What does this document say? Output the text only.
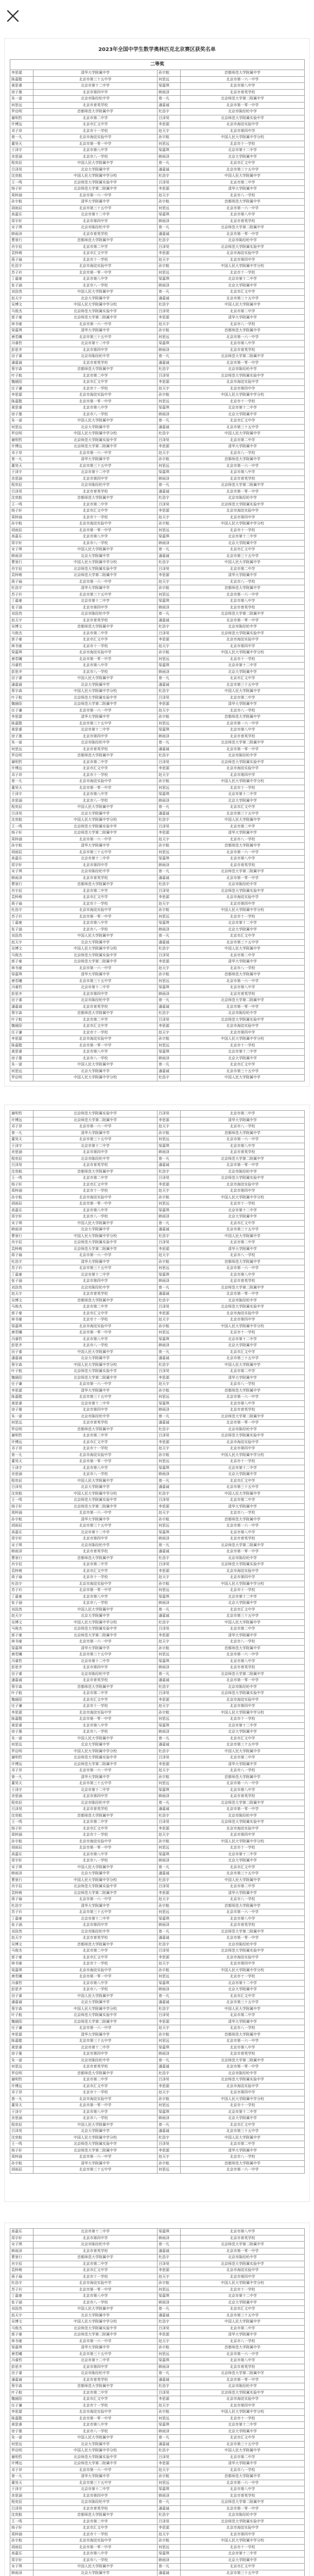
2023年全国中学生数学奥林匹克北京赛区获奖名单
二等奖			
李思源	清华大学附属中学	孙宇航	首都师范大学附属中学
陈嘉懿	北京市第三十五中学	何思远	北京市第一六一中学
黄思睿	北京市第十二中学	梁嘉琪	北京市第八中学
徐子墨	北京市第四中学	韩雨泽	北京市育英学校
朱一诺	北京市陈经纶中学	曾一凡	北京师范大学第二附属中学
何思远	北京市育英学校	潘嘉诚	北京市第一零一中学
罗启明	首都师范大学附属中学	杜浩宇	北京市陈经纶中学
谢明哲	北京市第二中学	吕泽昊	北京师范大学附属实验中学
许博远	北京市汇文中学	李思源	北京市海淀实验中学
邓子昂	北京市十一学校	赵天宇	北京市第四中学
曾一凡	北京市海淀实验中学	孙宇航	中国人民大学附属中学分校
董昊天	北京市第一零一中学	何思远	北京市十一学校
于泽宇	北京市第八中学	梁嘉琪	北京市第十二中学
余思涵	北京市八一学校	韩雨泽	北京大学附属中学
程奕辰	中国人民大学附属中学	曾一凡	北京市汇文中学
吕泽昊	北京大学附属中学	潘嘉诚	北京市第三十五中学
沈奕航	中国人民大学附属中学分校	杜浩宇	中国人民大学附属中学
王一鸣	北京师范大学附属实验中学	吕泽昊	北京市第二中学
杨子轩	北京师范大学第二附属中学	李思源	清华大学附属中学
周梓涵	北京市第一六一中学	赵天宇	北京市八一学校
孙宇航	清华大学附属中学	孙宇航	首都师范大学附属中学
胡雨辰	北京市第三十五中学	何思远	北京市第一六一中学
高嘉乐	北京市第十二中学	梁嘉琪	北京市第八中学
郑宇轩	北京市第四中学	韩雨泽	北京市育英学校
宋子琪	北京市陈经纶中学	曾一凡	北京师范大学第二附属中学
韩雨泽	北京市育英学校	潘嘉诚	北京市第一零一中学
曹景行	首都师范大学附属中学	杜浩宇	北京市陈经纶中学
肖宇辰	北京市第二中学	吕泽昊	北京师范大学附属实验中学
袁梓萌	北京市汇文中学	李思源	北京市海淀实验中学
蒋子瑜	北京市十一学校	赵天宇	北京市第四中学
杜浩宇	北京市海淀实验中学	孙宇航	中国人民大学附属中学分校
苏子衿	北京市第一零一中学	何思远	北京市十一学校
丁嘉豪	北京市第八中学	梁嘉琪	北京市第十二中学
张子涵	北京市八一学校	韩雨泽	北京大学附属中学
刘浩然	中国人民大学附属中学	曾一凡	北京市汇文中学
赵天宇	北京大学附属中学	潘嘉诚	北京市第三十五中学
吴博文	中国人民大学附属中学分校	杜浩宇	中国人民大学附属中学
马俊杰	北京师范大学附属实验中学	吕泽昊	北京市第二中学
郭子豪	北京师范大学第二附属中学	李思源	清华大学附属中学
林书豪	北京市第一六一中学	赵天宇	北京市八一学校
梁嘉琪	清华大学附属中学	孙宇航	首都师范大学附属中学
唐若曦	北京市第三十五中学	何思远	北京市第一六一中学
冯睿哲	北京市第十二中学	梁嘉琪	北京市第八中学
彭思齐	北京市第四中学	韩雨泽	北京市育英学校
田子睿	北京市陈经纶中学	曾一凡	北京师范大学第二附属中学
潘嘉诚	北京市育英学校	潘嘉诚	北京市第一零一中学
蔡宇森	首都师范大学附属中学	杜浩宇	北京市陈经纶中学
叶子航	北京市第二中学	吕泽昊	北京师范大学附属实验中学
魏晨阳	北京市汇文中学	李思源	北京市海淀实验中学
任子谦	北京市十一学校	赵天宇	北京市第四中学
李思源	北京市海淀实验中学	孙宇航	中国人民大学附属中学分校
陈嘉懿	北京市第一零一中学	何思远	北京市十一学校
黄思睿	北京市第八中学	梁嘉琪	北京市第十二中学
徐子墨	北京市八一学校	韩雨泽	北京大学附属中学
朱一诺	中国人民大学附属中学	曾一凡	北京市汇文中学
何思远	北京大学附属中学	潘嘉诚	北京市第三十五中学
罗启明	中国人民大学附属中学分校	杜浩宇	中国人民大学附属中学
谢明哲	北京师范大学附属实验中学	吕泽昊	北京市第二中学
许博远	北京师范大学第二附属中学	李思源	清华大学附属中学
邓子昂	北京市第一六一中学	赵天宇	北京市八一学校
曾一凡	清华大学附属中学	孙宇航	首都师范大学附属中学
董昊天	北京市第三十五中学	何思远	北京市第一六一中学
于泽宇	北京市第十二中学	梁嘉琪	北京市第八中学
余思涵	北京市第四中学	韩雨泽	北京市育英学校
程奕辰	北京市陈经纶中学	曾一凡	北京师范大学第二附属中学
吕泽昊	北京市育英学校	潘嘉诚	北京市第一零一中学
沈奕航	首都师范大学附属中学	杜浩宇	北京市陈经纶中学
王一鸣	北京市第二中学	吕泽昊	北京师范大学附属实验中学
杨子轩	北京市汇文中学	李思源	北京市海淀实验中学
周梓涵	北京市十一学校	赵天宇	北京市第四中学
孙宇航	北京市海淀实验中学	孙宇航	中国人民大学附属中学分校
胡雨辰	北京市第一零一中学	何思远	北京市十一学校
高嘉乐	北京市第八中学	梁嘉琪	北京市第十二中学
郑宇轩	北京市八一学校	韩雨泽	北京大学附属中学
宋子琪	中国人民大学附属中学	曾一凡	北京市汇文中学
韩雨泽	北京大学附属中学	潘嘉诚	北京市第三十五中学
曹景行	中国人民大学附属中学分校	杜浩宇	中国人民大学附属中学
肖宇辰	北京师范大学附属实验中学	吕泽昊	北京市第二中学
袁梓萌	北京师范大学第二附属中学	李思源	清华大学附属中学
蒋子瑜	北京市第一六一中学	赵天宇	北京市八一学校
杜浩宇	清华大学附属中学	孙宇航	首都师范大学附属中学
苏子衿	北京市第三十五中学	何思远	北京市第一六一中学
丁嘉豪	北京市第十二中学	梁嘉琪	北京市第八中学
张子涵	北京市第四中学	韩雨泽	北京市育英学校
刘浩然	北京市陈经纶中学	曾一凡	北京师范大学第二附属中学
赵天宇	北京市育英学校	潘嘉诚	北京市第一零一中学
吴博文	首都师范大学附属中学	杜浩宇	北京市陈经纶中学
马俊杰	北京市第二中学	吕泽昊	北京师范大学附属实验中学
郭子豪	北京市汇文中学	李思源	北京市海淀实验中学
林书豪	北京市十一学校	赵天宇	北京市第四中学
梁嘉琪	北京市海淀实验中学	孙宇航	中国人民大学附属中学分校
唐若曦	北京市第一零一中学	何思远	北京市十一学校
冯睿哲	北京市第八中学	梁嘉琪	北京市第十二中学
彭思齐	北京市八一学校	韩雨泽	北京大学附属中学
田子睿	中国人民大学附属中学	曾一凡	北京市汇文中学
潘嘉诚	北京大学附属中学	潘嘉诚	北京市第三十五中学
蔡宇森	中国人民大学附属中学分校	杜浩宇	中国人民大学附属中学
叶子航	北京师范大学附属实验中学	吕泽昊	北京市第二中学
魏晨阳	北京师范大学第二附属中学	李思源	清华大学附属中学
任子谦	北京市第一六一中学	赵天宇	北京市八一学校
李思源	清华大学附属中学	孙宇航	首都师范大学附属中学
陈嘉懿	北京市第三十五中学	何思远	北京市第一六一中学
黄思睿	北京市第十二中学	梁嘉琪	北京市第八中学
徐子墨	北京市第四中学	韩雨泽	北京市育英学校
朱一诺	北京市陈经纶中学	曾一凡	北京师范大学第二附属中学
何思远	北京市育英学校	潘嘉诚	北京市第一零一中学
罗启明	首都师范大学附属中学	杜浩宇	北京市陈经纶中学
谢明哲	北京市第二中学	吕泽昊	北京师范大学附属实验中学
许博远	北京市汇文中学	李思源	北京市海淀实验中学
邓子昂	北京市十一学校	赵天宇	北京市第四中学
曾一凡	北京市海淀实验中学	孙宇航	中国人民大学附属中学分校
董昊天	北京市第一零一中学	何思远	北京市十一学校
于泽宇	北京市第八中学	梁嘉琪	北京市第十二中学
余思涵	北京市八一学校	韩雨泽	北京大学附属中学
程奕辰	中国人民大学附属中学	曾一凡	北京市汇文中学
吕泽昊	北京大学附属中学	潘嘉诚	北京市第三十五中学
沈奕航	中国人民大学附属中学分校	杜浩宇	中国人民大学附属中学
王一鸣	北京师范大学附属实验中学	吕泽昊	北京市第二中学
杨子轩	北京师范大学第二附属中学	李思源	清华大学附属中学
周梓涵	北京市第一六一中学	赵天宇	北京市八一学校
孙宇航	清华大学附属中学	孙宇航	首都师范大学附属中学
胡雨辰	北京市第三十五中学	何思远	北京市第一六一中学
高嘉乐	北京市第十二中学	梁嘉琪	北京市第八中学
郑宇轩	北京市第四中学	韩雨泽	北京市育英学校
宋子琪	北京市陈经纶中学	曾一凡	北京师范大学第二附属中学
韩雨泽	北京市育英学校	潘嘉诚	北京市第一零一中学
曹景行	首都师范大学附属中学	杜浩宇	北京市陈经纶中学
肖宇辰	北京市第二中学	吕泽昊	北京师范大学附属实验中学
袁梓萌	北京市汇文中学	李思源	北京市海淀实验中学
蒋子瑜	北京市十一学校	赵天宇	北京市第四中学
杜浩宇	北京市海淀实验中学	孙宇航	中国人民大学附属中学分校
苏子衿	北京市第一零一中学	何思远	北京市十一学校
丁嘉豪	北京市第八中学	梁嘉琪	北京市第十二中学
张子涵	北京市八一学校	韩雨泽	北京大学附属中学
刘浩然	中国人民大学附属中学	曾一凡	北京市汇文中学
赵天宇	北京大学附属中学	潘嘉诚	北京市第三十五中学
吴博文	中国人民大学附属中学分校	杜浩宇	中国人民大学附属中学
马俊杰	北京师范大学附属实验中学	吕泽昊	北京市第二中学
郭子豪	北京师范大学第二附属中学	李思源	清华大学附属中学
林书豪	北京市第一六一中学	赵天宇	北京市八一学校
梁嘉琪	清华大学附属中学	孙宇航	首都师范大学附属中学
唐若曦	北京市第三十五中学	何思远	北京市第一六一中学
冯睿哲	北京市第十二中学	梁嘉琪	北京市第八中学
彭思齐	北京市第四中学	韩雨泽	北京市育英学校
田子睿	北京市陈经纶中学	曾一凡	北京师范大学第二附属中学
潘嘉诚	北京市育英学校	潘嘉诚	北京市第一零一中学
蔡宇森	首都师范大学附属中学	杜浩宇	北京市陈经纶中学
叶子航	北京市第二中学	吕泽昊	北京师范大学附属实验中学
魏晨阳	北京市汇文中学	李思源	北京市海淀实验中学
任子谦	北京市十一学校	赵天宇	北京市第四中学
李思源	北京市海淀实验中学	孙宇航	中国人民大学附属中学分校
陈嘉懿	北京市第一零一中学	何思远	北京市十一学校
黄思睿	北京市第八中学	梁嘉琪	北京市第十二中学
徐子墨	北京市八一学校	韩雨泽	北京大学附属中学
朱一诺	中国人民大学附属中学	曾一凡	北京市汇文中学
何思远	北京大学附属中学	潘嘉诚	北京市第三十五中学
罗启明	中国人民大学附属中学分校	杜浩宇	中国人民大学附属中学
谢明哲	北京师范大学附属实验中学	吕泽昊	北京市第二中学
许博远	北京师范大学第二附属中学	李思源	清华大学附属中学
邓子昂	北京市第一六一中学	赵天宇	北京市八一学校
曾一凡	清华大学附属中学	孙宇航	首都师范大学附属中学
董昊天	北京市第三十五中学	何思远	北京市第一六一中学
于泽宇	北京市第十二中学	梁嘉琪	北京市第八中学
余思涵	北京市第四中学	韩雨泽	北京市育英学校
程奕辰	北京市陈经纶中学	曾一凡	北京师范大学第二附属中学
吕泽昊	北京市育英学校	潘嘉诚	北京市第一零一中学
沈奕航	首都师范大学附属中学	杜浩宇	北京市陈经纶中学
王一鸣	北京市第二中学	吕泽昊	北京师范大学附属实验中学
杨子轩	北京市汇文中学	李思源	北京市海淀实验中学
周梓涵	北京市十一学校	赵天宇	北京市第四中学
孙宇航	北京市海淀实验中学	孙宇航	中国人民大学附属中学分校
胡雨辰	北京市第一零一中学	何思远	北京市十一学校
高嘉乐	北京市第八中学	梁嘉琪	北京市第十二中学
郑宇轩	北京市八一学校	韩雨泽	北京大学附属中学
宋子琪	中国人民大学附属中学	曾一凡	北京市汇文中学
韩雨泽	北京大学附属中学	潘嘉诚	北京市第三十五中学
曹景行	中国人民大学附属中学分校	杜浩宇	中国人民大学附属中学
肖宇辰	北京师范大学附属实验中学	吕泽昊	北京市第二中学
袁梓萌	北京师范大学第二附属中学	李思源	清华大学附属中学
蒋子瑜	北京市第一六一中学	赵天宇	北京市八一学校
杜浩宇	清华大学附属中学	孙宇航	首都师范大学附属中学
苏子衿	北京市第三十五中学	何思远	北京市第一六一中学
丁嘉豪	北京市第十二中学	梁嘉琪	北京市第八中学
张子涵	北京市第四中学	韩雨泽	北京市育英学校
刘浩然	北京市陈经纶中学	曾一凡	北京师范大学第二附属中学
赵天宇	北京市育英学校	潘嘉诚	北京市第一零一中学
吴博文	首都师范大学附属中学	杜浩宇	北京市陈经纶中学
马俊杰	北京市第二中学	吕泽昊	北京师范大学附属实验中学
郭子豪	北京市汇文中学	李思源	北京市海淀实验中学
林书豪	北京市十一学校	赵天宇	北京市第四中学
梁嘉琪	北京市海淀实验中学	孙宇航	中国人民大学附属中学分校
唐若曦	北京市第一零一中学	何思远	北京市十一学校
冯睿哲	北京市第八中学	梁嘉琪	北京市第十二中学
彭思齐	北京市八一学校	韩雨泽	北京大学附属中学
田子睿	中国人民大学附属中学	曾一凡	北京市汇文中学
潘嘉诚	北京大学附属中学	潘嘉诚	北京市第三十五中学
蔡宇森	中国人民大学附属中学分校	杜浩宇	中国人民大学附属中学
叶子航	北京师范大学附属实验中学	吕泽昊	北京市第二中学
魏晨阳	北京师范大学第二附属中学	李思源	清华大学附属中学
任子谦	北京市第一六一中学	赵天宇	北京市八一学校
李思源	清华大学附属中学	孙宇航	首都师范大学附属中学
陈嘉懿	北京市第三十五中学	何思远	北京市第一六一中学
黄思睿	北京市第十二中学	梁嘉琪	北京市第八中学
徐子墨	北京市第四中学	韩雨泽	北京市育英学校
朱一诺	北京市陈经纶中学	曾一凡	北京师范大学第二附属中学
何思远	北京市育英学校	潘嘉诚	北京市第一零一中学
罗启明	首都师范大学附属中学	杜浩宇	北京市陈经纶中学
谢明哲	北京市第二中学	吕泽昊	北京师范大学附属实验中学
许博远	北京市汇文中学	李思源	北京市海淀实验中学
邓子昂	北京市十一学校	赵天宇	北京市第四中学
曾一凡	北京市海淀实验中学	孙宇航	中国人民大学附属中学分校
董昊天	北京市第一零一中学	何思远	北京市十一学校
于泽宇	北京市第八中学	梁嘉琪	北京市第十二中学
余思涵	北京市八一学校	韩雨泽	北京大学附属中学
程奕辰	中国人民大学附属中学	曾一凡	北京市汇文中学
吕泽昊	北京大学附属中学	潘嘉诚	北京市第三十五中学
沈奕航	中国人民大学附属中学分校	杜浩宇	中国人民大学附属中学
王一鸣	北京师范大学附属实验中学	吕泽昊	北京市第二中学
杨子轩	北京师范大学第二附属中学	李思源	清华大学附属中学
周梓涵	北京市第一六一中学	赵天宇	北京市八一学校
孙宇航	清华大学附属中学	孙宇航	首都师范大学附属中学
胡雨辰	北京市第三十五中学	何思远	北京市第一六一中学
高嘉乐	北京市第十二中学	梁嘉琪	北京市第八中学
郑宇轩	北京市第四中学	韩雨泽	北京市育英学校
宋子琪	北京市陈经纶中学	曾一凡	北京师范大学第二附属中学
韩雨泽	北京市育英学校	潘嘉诚	北京市第一零一中学
曹景行	首都师范大学附属中学	杜浩宇	北京市陈经纶中学
肖宇辰	北京市第二中学	吕泽昊	北京师范大学附属实验中学
袁梓萌	北京市汇文中学	李思源	北京市海淀实验中学
蒋子瑜	北京市十一学校	赵天宇	北京市第四中学
杜浩宇	北京市海淀实验中学	孙宇航	中国人民大学附属中学分校
苏子衿	北京市第一零一中学	何思远	北京市十一学校
丁嘉豪	北京市第八中学	梁嘉琪	北京市第十二中学
张子涵	北京市八一学校	韩雨泽	北京大学附属中学
刘浩然	中国人民大学附属中学	曾一凡	北京市汇文中学
赵天宇	北京大学附属中学	潘嘉诚	北京市第三十五中学
吴博文	中国人民大学附属中学分校	杜浩宇	中国人民大学附属中学
马俊杰	北京师范大学附属实验中学	吕泽昊	北京市第二中学
郭子豪	北京师范大学第二附属中学	李思源	清华大学附属中学
林书豪	北京市第一六一中学	赵天宇	北京市八一学校
梁嘉琪	清华大学附属中学	孙宇航	首都师范大学附属中学
唐若曦	北京市第三十五中学	何思远	北京市第一六一中学
冯睿哲	北京市第十二中学	梁嘉琪	北京市第八中学
彭思齐	北京市第四中学	韩雨泽	北京市育英学校
田子睿	北京市陈经纶中学	曾一凡	北京师范大学第二附属中学
潘嘉诚	北京市育英学校	潘嘉诚	北京市第一零一中学
蔡宇森	首都师范大学附属中学	杜浩宇	北京市陈经纶中学
叶子航	北京市第二中学	吕泽昊	北京师范大学附属实验中学
魏晨阳	北京市汇文中学	李思源	北京市海淀实验中学
任子谦	北京市十一学校	赵天宇	北京市第四中学
李思源	北京市海淀实验中学	孙宇航	中国人民大学附属中学分校
陈嘉懿	北京市第一零一中学	何思远	北京市十一学校
黄思睿	北京市第八中学	梁嘉琪	北京市第十二中学
徐子墨	北京市八一学校	韩雨泽	北京大学附属中学
朱一诺	中国人民大学附属中学	曾一凡	北京市汇文中学
何思远	北京大学附属中学	潘嘉诚	北京市第三十五中学
罗启明	中国人民大学附属中学分校	杜浩宇	中国人民大学附属中学
谢明哲	北京师范大学附属实验中学	吕泽昊	北京市第二中学
许博远	北京师范大学第二附属中学	李思源	清华大学附属中学
邓子昂	北京市第一六一中学	赵天宇	北京市八一学校
曾一凡	清华大学附属中学	孙宇航	首都师范大学附属中学
董昊天	北京市第三十五中学	何思远	北京市第一六一中学
于泽宇	北京市第十二中学	梁嘉琪	北京市第八中学
余思涵	北京市第四中学	韩雨泽	北京市育英学校
程奕辰	北京市陈经纶中学	曾一凡	北京师范大学第二附属中学
吕泽昊	北京市育英学校	潘嘉诚	北京市第一零一中学
沈奕航	首都师范大学附属中学	杜浩宇	北京市陈经纶中学
王一鸣	北京市第二中学	吕泽昊	北京师范大学附属实验中学
杨子轩	北京市汇文中学	李思源	北京市海淀实验中学
周梓涵	北京市十一学校	赵天宇	北京市第四中学
孙宇航	北京市海淀实验中学	孙宇航	中国人民大学附属中学分校
胡雨辰	北京市第一零一中学	何思远	北京市十一学校
高嘉乐	北京市第八中学	梁嘉琪	北京市第十二中学
郑宇轩	北京市八一学校	韩雨泽	北京大学附属中学
宋子琪	中国人民大学附属中学	曾一凡	北京市汇文中学
韩雨泽	北京大学附属中学	潘嘉诚	北京市第三十五中学
曹景行	中国人民大学附属中学分校	杜浩宇	中国人民大学附属中学
肖宇辰	北京师范大学附属实验中学	吕泽昊	北京市第二中学
袁梓萌	北京师范大学第二附属中学	李思源	清华大学附属中学
蒋子瑜	北京市第一六一中学	赵天宇	北京市八一学校
杜浩宇	清华大学附属中学	孙宇航	首都师范大学附属中学
苏子衿	北京市第三十五中学	何思远	北京市第一六一中学
丁嘉豪	北京市第十二中学	梁嘉琪	北京市第八中学
张子涵	北京市第四中学	韩雨泽	北京市育英学校
刘浩然	北京市陈经纶中学	曾一凡	北京师范大学第二附属中学
赵天宇	北京市育英学校	潘嘉诚	北京市第一零一中学
吴博文	首都师范大学附属中学	杜浩宇	北京市陈经纶中学
马俊杰	北京市第二中学	吕泽昊	北京师范大学附属实验中学
郭子豪	北京市汇文中学	李思源	北京市海淀实验中学
林书豪	北京市十一学校	赵天宇	北京市第四中学
梁嘉琪	北京市海淀实验中学	孙宇航	中国人民大学附属中学分校
唐若曦	北京市第一零一中学	何思远	北京市十一学校
冯睿哲	北京市第八中学	梁嘉琪	北京市第十二中学
彭思齐	北京市八一学校	韩雨泽	北京大学附属中学
田子睿	中国人民大学附属中学	曾一凡	北京市汇文中学
潘嘉诚	北京大学附属中学	潘嘉诚	北京市第三十五中学
蔡宇森	中国人民大学附属中学分校	杜浩宇	中国人民大学附属中学
叶子航	北京师范大学附属实验中学	吕泽昊	北京市第二中学
魏晨阳	北京师范大学第二附属中学	李思源	清华大学附属中学
任子谦	北京市第一六一中学	赵天宇	北京市八一学校
李思源	清华大学附属中学	孙宇航	首都师范大学附属中学
陈嘉懿	北京市第三十五中学	何思远	北京市第一六一中学
黄思睿	北京市第十二中学	梁嘉琪	北京市第八中学
徐子墨	北京市第四中学	韩雨泽	北京市育英学校
朱一诺	北京市陈经纶中学	曾一凡	北京师范大学第二附属中学
何思远	北京市育英学校	潘嘉诚	北京市第一零一中学
罗启明	首都师范大学附属中学	杜浩宇	北京市陈经纶中学
谢明哲	北京市第二中学	吕泽昊	北京师范大学附属实验中学
许博远	北京市汇文中学	李思源	北京市海淀实验中学
邓子昂	北京市十一学校	赵天宇	北京市第四中学
曾一凡	北京市海淀实验中学	孙宇航	中国人民大学附属中学分校
董昊天	北京市第一零一中学	何思远	北京市十一学校
于泽宇	北京市第八中学	梁嘉琪	北京市第十二中学
余思涵	北京市八一学校	韩雨泽	北京大学附属中学
程奕辰	中国人民大学附属中学	曾一凡	北京市汇文中学
吕泽昊	北京大学附属中学	潘嘉诚	北京市第三十五中学
沈奕航	中国人民大学附属中学分校	杜浩宇	中国人民大学附属中学
王一鸣	北京师范大学附属实验中学	吕泽昊	北京市第二中学
杨子轩	北京师范大学第二附属中学	李思源	清华大学附属中学
周梓涵	北京市第一六一中学	赵天宇	北京市八一学校
孙宇航	清华大学附属中学	孙宇航	首都师范大学附属中学
胡雨辰	北京市第三十五中学	何思远	北京市第一六一中学
高嘉乐	北京市第十二中学	梁嘉琪	北京市第八中学
郑宇轩	北京市第四中学	韩雨泽	北京市育英学校
宋子琪	北京市陈经纶中学	曾一凡	北京师范大学第二附属中学
韩雨泽	北京市育英学校	潘嘉诚	北京市第一零一中学
曹景行	首都师范大学附属中学	杜浩宇	北京市陈经纶中学
肖宇辰	北京市第二中学	吕泽昊	北京师范大学附属实验中学
袁梓萌	北京市汇文中学	李思源	北京市海淀实验中学
蒋子瑜	北京市十一学校	赵天宇	北京市第四中学
杜浩宇	北京市海淀实验中学	孙宇航	中国人民大学附属中学分校
苏子衿	北京市第一零一中学	何思远	北京市十一学校
丁嘉豪	北京市第八中学	梁嘉琪	北京市第十二中学
张子涵	北京市八一学校	韩雨泽	北京大学附属中学
刘浩然	中国人民大学附属中学	曾一凡	北京市汇文中学
赵天宇	北京大学附属中学	潘嘉诚	北京市第三十五中学
吴博文	中国人民大学附属中学分校	杜浩宇	中国人民大学附属中学
马俊杰	北京师范大学附属实验中学	吕泽昊	北京市第二中学
郭子豪	北京师范大学第二附属中学	李思源	清华大学附属中学
林书豪	北京市第一六一中学	赵天宇	北京市八一学校
梁嘉琪	清华大学附属中学	孙宇航	首都师范大学附属中学
唐若曦	北京市第三十五中学	何思远	北京市第一六一中学
冯睿哲	北京市第十二中学	梁嘉琪	北京市第八中学
彭思齐	北京市第四中学	韩雨泽	北京市育英学校
田子睿	北京市陈经纶中学	曾一凡	北京师范大学第二附属中学
潘嘉诚	北京市育英学校	潘嘉诚	北京市第一零一中学
蔡宇森	首都师范大学附属中学	杜浩宇	北京市陈经纶中学
叶子航	北京市第二中学	吕泽昊	北京师范大学附属实验中学
魏晨阳	北京市汇文中学	李思源	北京市海淀实验中学
任子谦	北京市十一学校	赵天宇	北京市第四中学
李思源	北京市海淀实验中学	孙宇航	中国人民大学附属中学分校
陈嘉懿	北京市第一零一中学	何思远	北京市十一学校
黄思睿	北京市第八中学	梁嘉琪	北京市第十二中学
徐子墨	北京市八一学校	韩雨泽	北京大学附属中学
朱一诺	中国人民大学附属中学	曾一凡	北京市汇文中学
何思远	北京大学附属中学	潘嘉诚	北京市第三十五中学
罗启明	中国人民大学附属中学分校	杜浩宇	中国人民大学附属中学
谢明哲	北京师范大学附属实验中学	吕泽昊	北京市第二中学
许博远	北京师范大学第二附属中学	李思源	清华大学附属中学
邓子昂	北京市第一六一中学	赵天宇	北京市八一学校
曾一凡	清华大学附属中学	孙宇航	首都师范大学附属中学
董昊天	北京市第三十五中学	何思远	北京市第一六一中学
于泽宇	北京市第十二中学	梁嘉琪	北京市第八中学
余思涵	北京市第四中学	韩雨泽	北京市育英学校
程奕辰	北京市陈经纶中学	曾一凡	北京师范大学第二附属中学
吕泽昊	北京市育英学校	潘嘉诚	北京市第一零一中学
沈奕航	首都师范大学附属中学	杜浩宇	北京市陈经纶中学
王一鸣	北京市第二中学	吕泽昊	北京师范大学附属实验中学
杨子轩	北京市汇文中学	李思源	北京市海淀实验中学
周梓涵	北京市十一学校	赵天宇	北京市第四中学
孙宇航	北京市海淀实验中学	孙宇航	中国人民大学附属中学分校
胡雨辰	北京市第一零一中学	何思远	北京市十一学校
高嘉乐	北京市第八中学	梁嘉琪	北京市第十二中学
郑宇轩	北京市八一学校	韩雨泽	北京大学附属中学
宋子琪	中国人民大学附属中学	曾一凡	北京市汇文中学
韩雨泽	北京大学附属中学	潘嘉诚	北京市第三十五中学
